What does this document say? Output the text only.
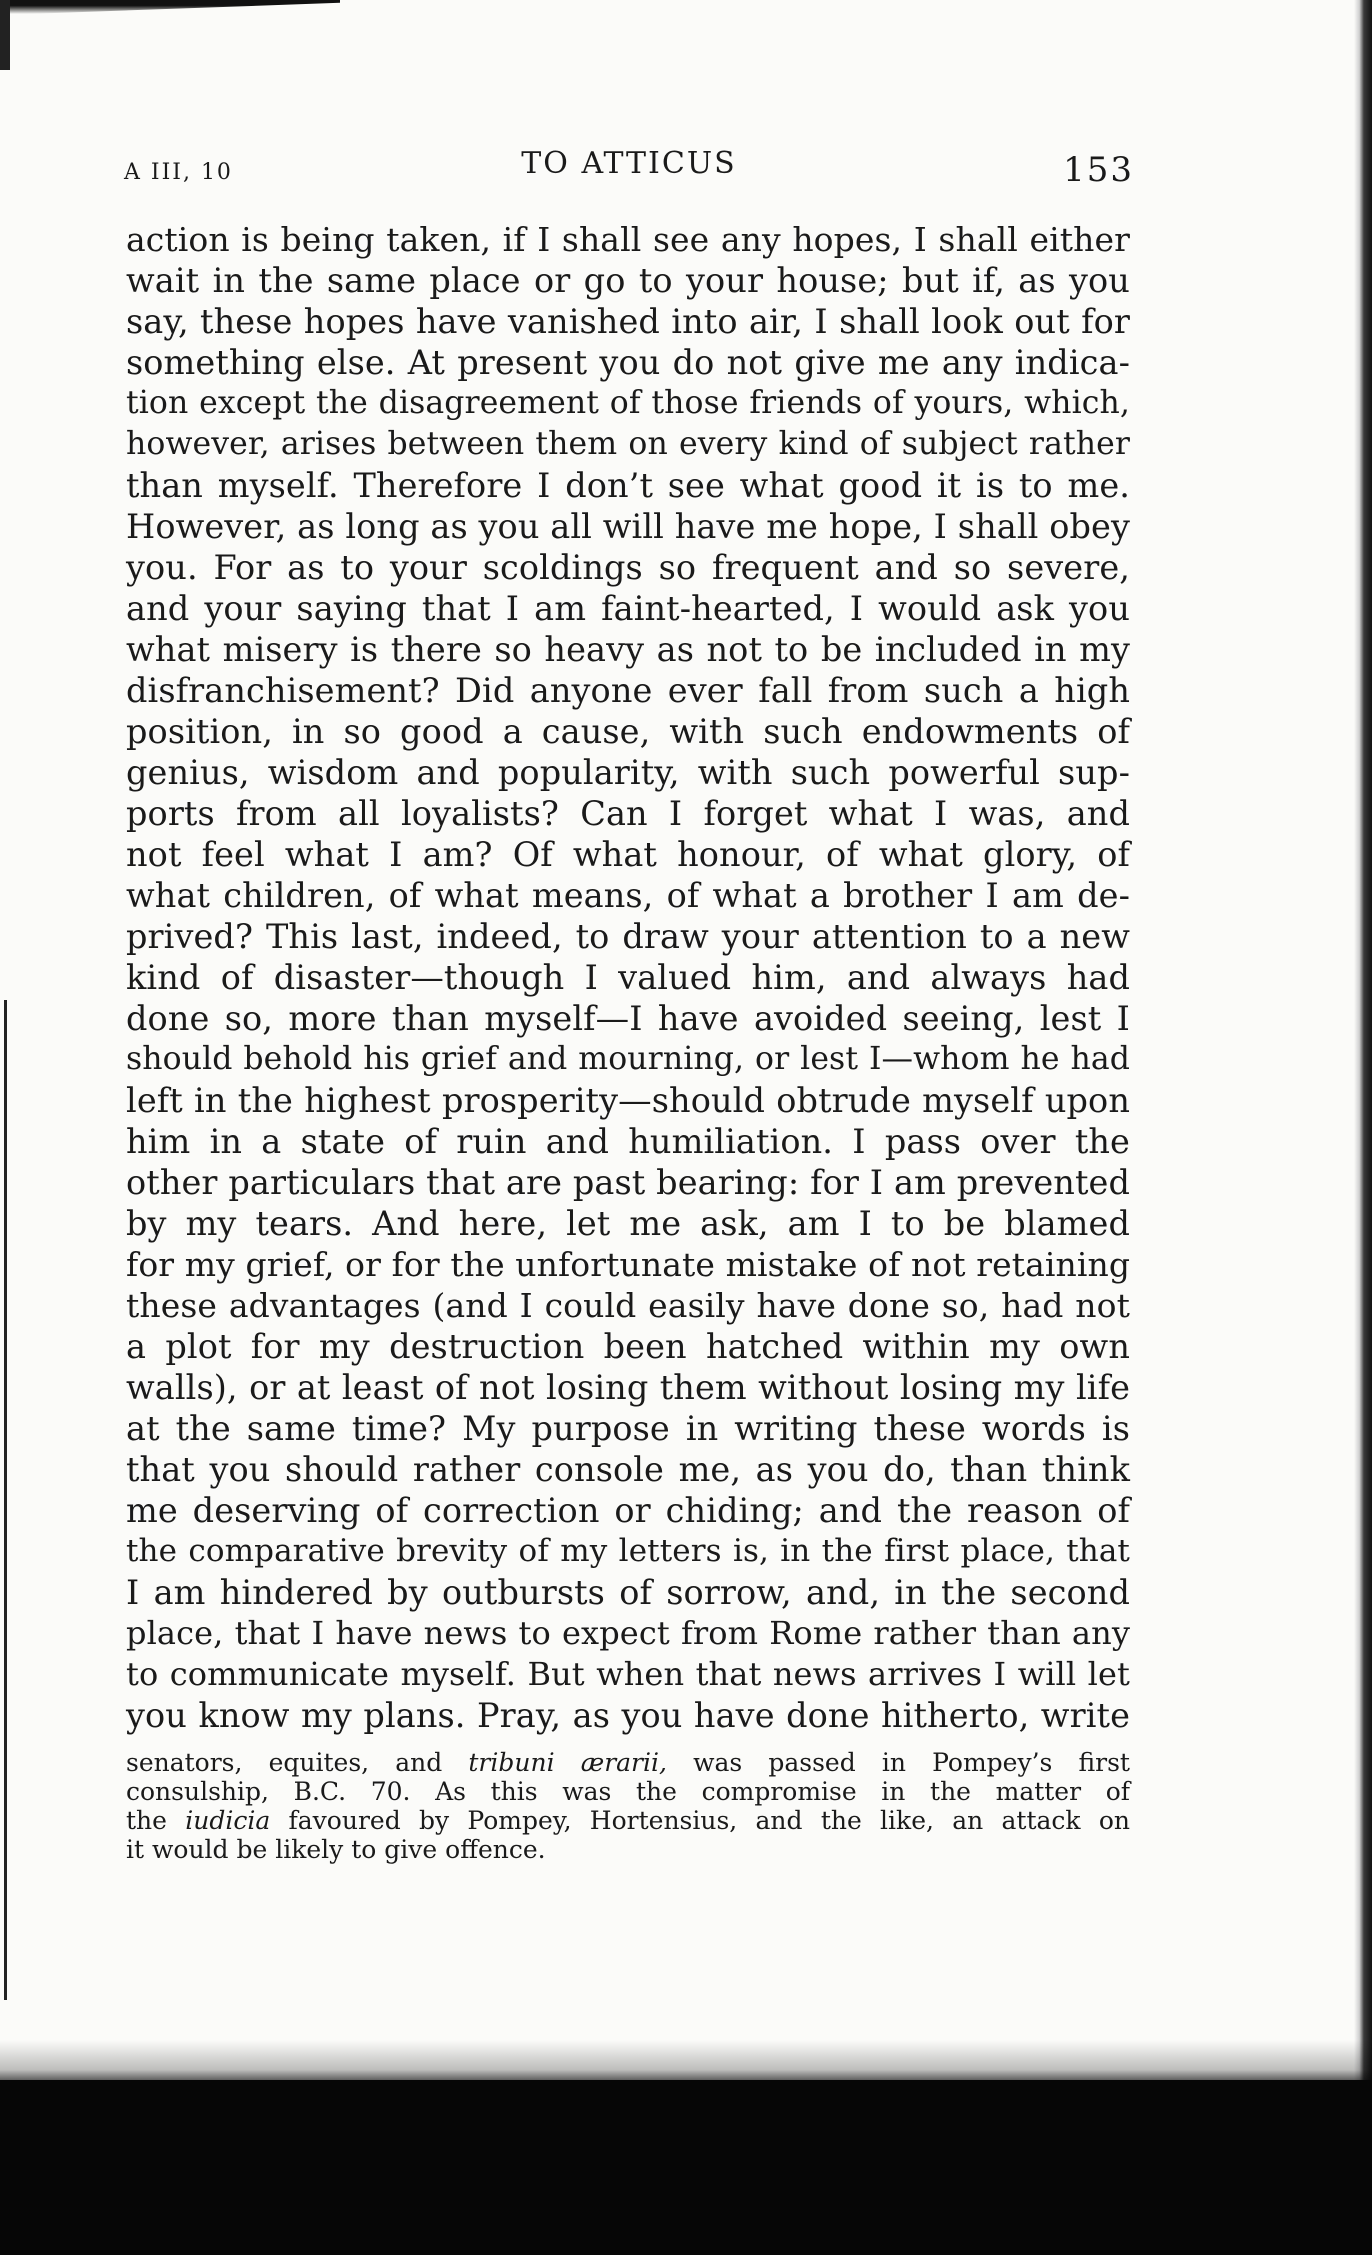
A III, 10	TO ATTICUS	153
action is being taken, if I shall see any hopes, I shall either
wait in the same place or go to your house; but if, as you
say, these hopes have vanished into air, I shall look out for
something else. At present you do not give me any indica-
tion except the disagreement of those friends of yours, which,
however, arises between them on every kind of subject rather
than myself. Therefore I don’t see what good it is to me.
However, as long as you all will have me hope, I shall obey
you. For as to your scoldings so frequent and so severe,
and your saying that I am faint-hearted, I would ask you
what misery is there so heavy as not to be included in my
disfranchisement? Did anyone ever fall from such a high
position, in so good a cause, with such endowments of
genius, wisdom and popularity, with such powerful sup-
ports from all loyalists? Can I forget what I was, and
not feel what I am? Of what honour, of what glory, of
what children, of what means, of what a brother I am de-
prived? This last, indeed, to draw your attention to a new
kind of disaster—though I valued him, and always had
done so, more than myself—I have avoided seeing, lest I
should behold his grief and mourning, or lest I—whom he had
left in the highest prosperity—should obtrude myself upon
him in a state of ruin and humiliation. I pass over the
other particulars that are past bearing: for I am prevented
by my tears. And here, let me ask, am I to be blamed
for my grief, or for the unfortunate mistake of not retaining
these advantages (and I could easily have done so, had not
a plot for my destruction been hatched within my own
walls), or at least of not losing them without losing my life
at the same time? My purpose in writing these words is
that you should rather console me, as you do, than think
me deserving of correction or chiding; and the reason of
the comparative brevity of my letters is, in the first place, that
I am hindered by outbursts of sorrow, and, in the second
place, that I have news to expect from Rome rather than any
to communicate myself. But when that news arrives I will let
you know my plans. Pray, as you have done hitherto, write
senators, equites, and tribuni ærarii, was passed in Pompey’s first
consulship, B.C. 70. As this was the compromise in the matter of
the iudicia favoured by Pompey, Hortensius, and the like, an attack on
it would be likely to give offence.
